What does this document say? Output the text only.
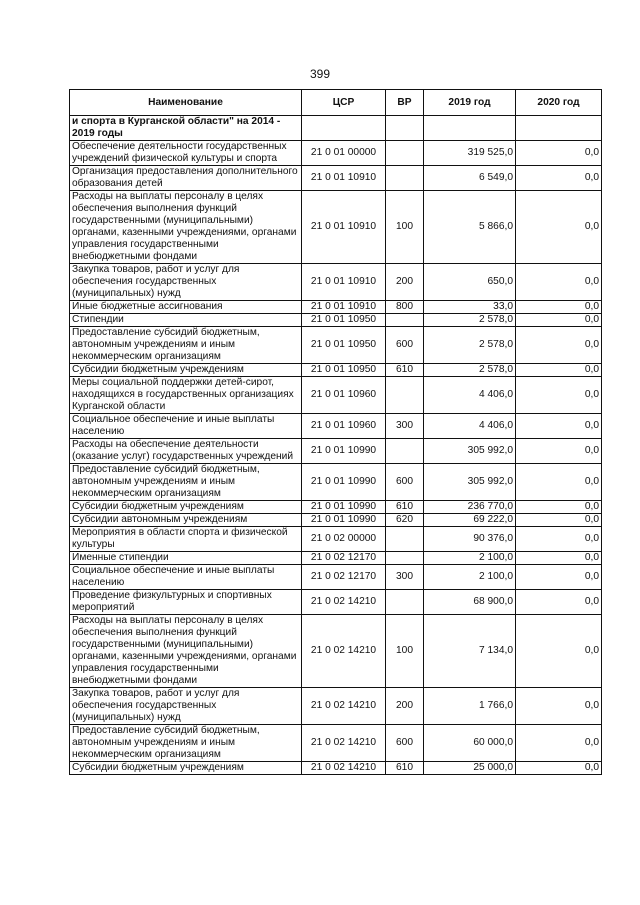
399
Наименование	ЦСР	ВР	2019 год	2020 год
и спорта в Курганской области" на 2014 - 2019 годы				
Обеспечение деятельности государственных учреждений физической культуры и спорта	21 0 01 00000		319 525,0	0,0
Организация предоставления дополнительного образования детей	21 0 01 10910		6 549,0	0,0
Расходы на выплаты персоналу в целях обеспечения выполнения функций государственными (муниципальными) органами, казенными учреждениями, органами управления государственными внебюджетными фондами	21 0 01 10910	100	5 866,0	0,0
Закупка товаров, работ и услуг для обеспечения государственных (муниципальных) нужд	21 0 01 10910	200	650,0	0,0
Иные бюджетные ассигнования	21 0 01 10910	800	33,0	0,0
Стипендии	21 0 01 10950		2 578,0	0,0
Предоставление субсидий бюджетным, автономным учреждениям и иным некоммерческим организациям	21 0 01 10950	600	2 578,0	0,0
Субсидии бюджетным учреждениям	21 0 01 10950	610	2 578,0	0,0
Меры социальной поддержки детей-сирот, находящихся в государственных организациях Курганской области	21 0 01 10960		4 406,0	0,0
Социальное обеспечение и иные выплаты населению	21 0 01 10960	300	4 406,0	0,0
Расходы на обеспечение деятельности (оказание услуг) государственных учреждений	21 0 01 10990		305 992,0	0,0
Предоставление субсидий бюджетным, автономным учреждениям и иным некоммерческим организациям	21 0 01 10990	600	305 992,0	0,0
Субсидии бюджетным учреждениям	21 0 01 10990	610	236 770,0	0,0
Субсидии автономным учреждениям	21 0 01 10990	620	69 222,0	0,0
Мероприятия в области спорта и физической культуры	21 0 02 00000		90 376,0	0,0
Именные стипендии	21 0 02 12170		2 100,0	0,0
Социальное обеспечение и иные выплаты населению	21 0 02 12170	300	2 100,0	0,0
Проведение физкультурных и спортивных мероприятий	21 0 02 14210		68 900,0	0,0
Расходы на выплаты персоналу в целях обеспечения выполнения функций государственными (муниципальными) органами, казенными учреждениями, органами управления государственными внебюджетными фондами	21 0 02 14210	100	7 134,0	0,0
Закупка товаров, работ и услуг для обеспечения государственных (муниципальных) нужд	21 0 02 14210	200	1 766,0	0,0
Предоставление субсидий бюджетным, автономным учреждениям и иным некоммерческим организациям	21 0 02 14210	600	60 000,0	0,0
Субсидии бюджетным учреждениям	21 0 02 14210	610	25 000,0	0,0
